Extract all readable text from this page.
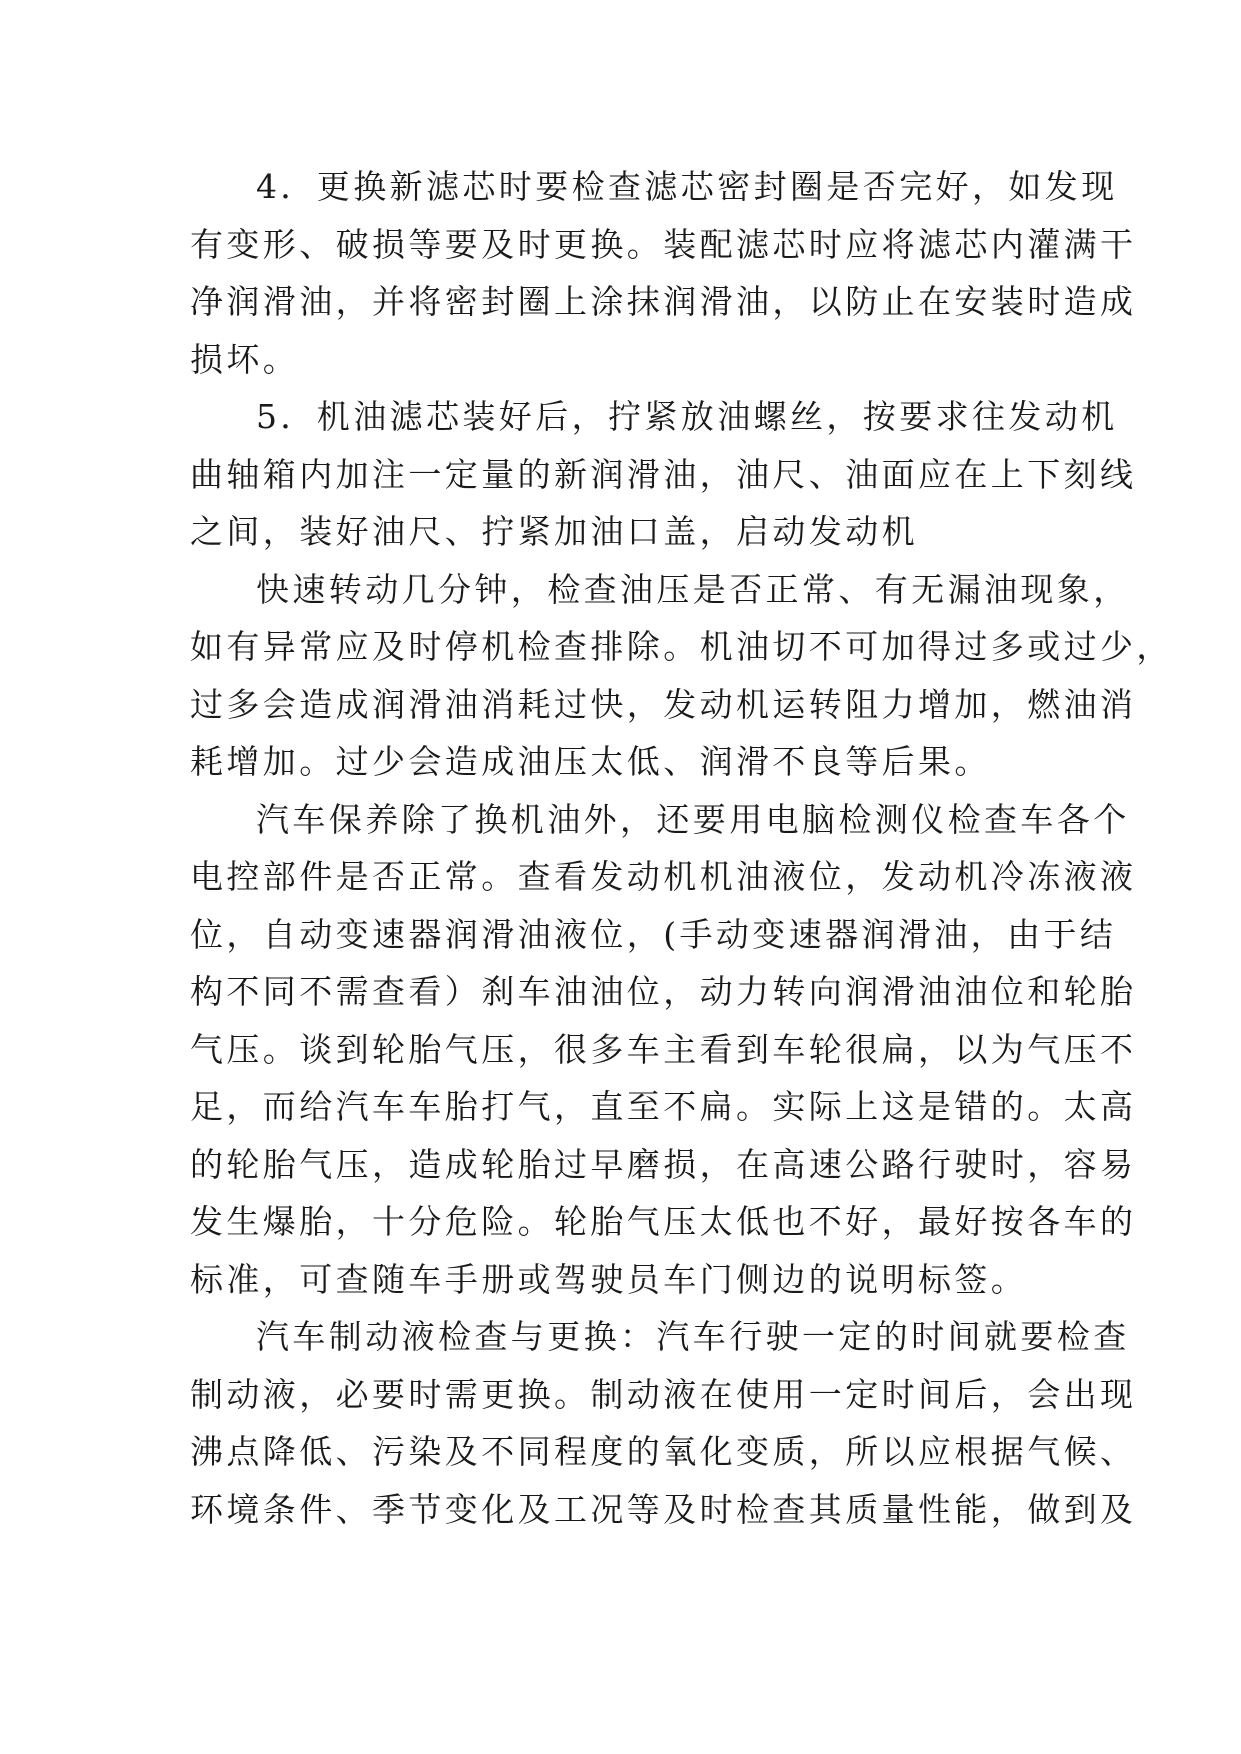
4．更换新滤芯时要检查滤芯密封圈是否完好，如发现
有变形、破损等要及时更换。装配滤芯时应将滤芯内灌满干
净润滑油，并将密封圈上涂抹润滑油，以防止在安装时造成
损坏。
5．机油滤芯装好后，拧紧放油螺丝，按要求往发动机
曲轴箱内加注一定量的新润滑油，油尺、油面应在上下刻线
之间，装好油尺、拧紧加油口盖，启动发动机
快速转动几分钟，检查油压是否正常、有无漏油现象，
如有异常应及时停机检查排除。机油切不可加得过多或过少，
过多会造成润滑油消耗过快，发动机运转阻力增加，燃油消
耗增加。过少会造成油压太低、润滑不良等后果。
汽车保养除了换机油外，还要用电脑检测仪检查车各个
电控部件是否正常。查看发动机机油液位，发动机冷冻液液
位，自动变速器润滑油液位，(手动变速器润滑油，由于结
构不同不需查看）刹车油油位，动力转向润滑油油位和轮胎
气压。谈到轮胎气压，很多车主看到车轮很扁，以为气压不
足，而给汽车车胎打气，直至不扁。实际上这是错的。太高
的轮胎气压，造成轮胎过早磨损，在高速公路行驶时，容易
发生爆胎，十分危险。轮胎气压太低也不好，最好按各车的
标准，可查随车手册或驾驶员车门侧边的说明标签。
汽车制动液检查与更换：汽车行驶一定的时间就要检查
制动液，必要时需更换。制动液在使用一定时间后，会出现
沸点降低、污染及不同程度的氧化变质，所以应根据气候、
环境条件、季节变化及工况等及时检查其质量性能，做到及
